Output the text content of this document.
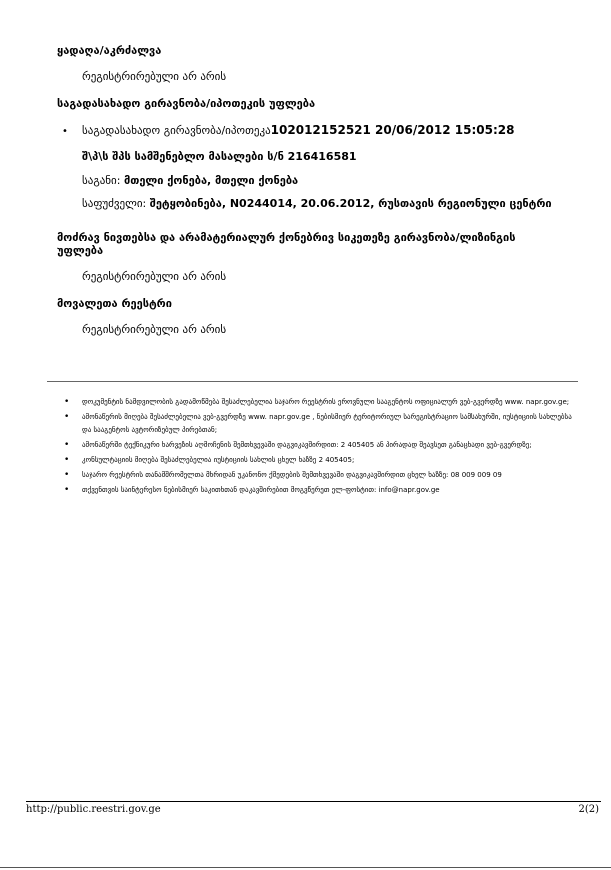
ყადაღა/აკრძალვა
რეგისტრირებული არ არის
საგადასახადო გირავნობა/იპოთეკის უფლება
• საგადასახადო გირავნობა/იპოთეკა102012152521 20/06/2012 15:05:28
შ\პ\ს შპს სამშენებლო მასალები ს/ნ 216416581
საგანი: მთელი ქონება, მთელი ქონება
საფუძველი: შეტყობინება, N0244014, 20.06.2012, რუსთავის რეგიონული ცენტრი
მოძრავ ნივთებსა და არამატერიალურ ქონებრივ სიკეთეზე გირავნობა/ლიზინგის უფლება
რეგისტრირებული არ არის
მოვალეთა რეესტრი
რეგისტრირებული არ არის
• დოკუმენტის ნამდვილობის გადამოწმება შესაძლებელია საჯარო რეესტრის ეროვნული სააგენტოს ოფიციალურ ვებ-გვერდზე www. napr.gov.ge;
• ამონაწერის მიღება შესაძლებელია ვებ-გვერდზე www. napr.gov.ge , ნებისმიერ ტერიტორიულ სარეგისტრაციო სამსახურში, იუსტიციის სახლებსა და სააგენტოს ავტორიზებულ პირებთან;
• ამონაწერში ტექნიკური ხარვეზის აღმოჩენის შემთხვევაში დაგვიკავშირდით: 2 405405 ან პირადად შეავსეთ განაცხადი ვებ-გვერდზე;
• კონსულტაციის მიღება შესაძლებელია იუსტიციის სახლის ცხელ ხაზზე 2 405405;
• საჯარო რეესტრის თანამშრომელთა მხრიდან უკანონო ქმედების შემთხვევაში დაგვიკავშირდით ცხელ ხაზზე: 08 009 009 09
• თქვენთვის საინტერესო ნებისმიერ საკითხთან დაკავშირებით მოგვწერეთ ელ-ფოსტით: info@napr.gov.ge
http://public.reestri.gov.ge	2(2)
